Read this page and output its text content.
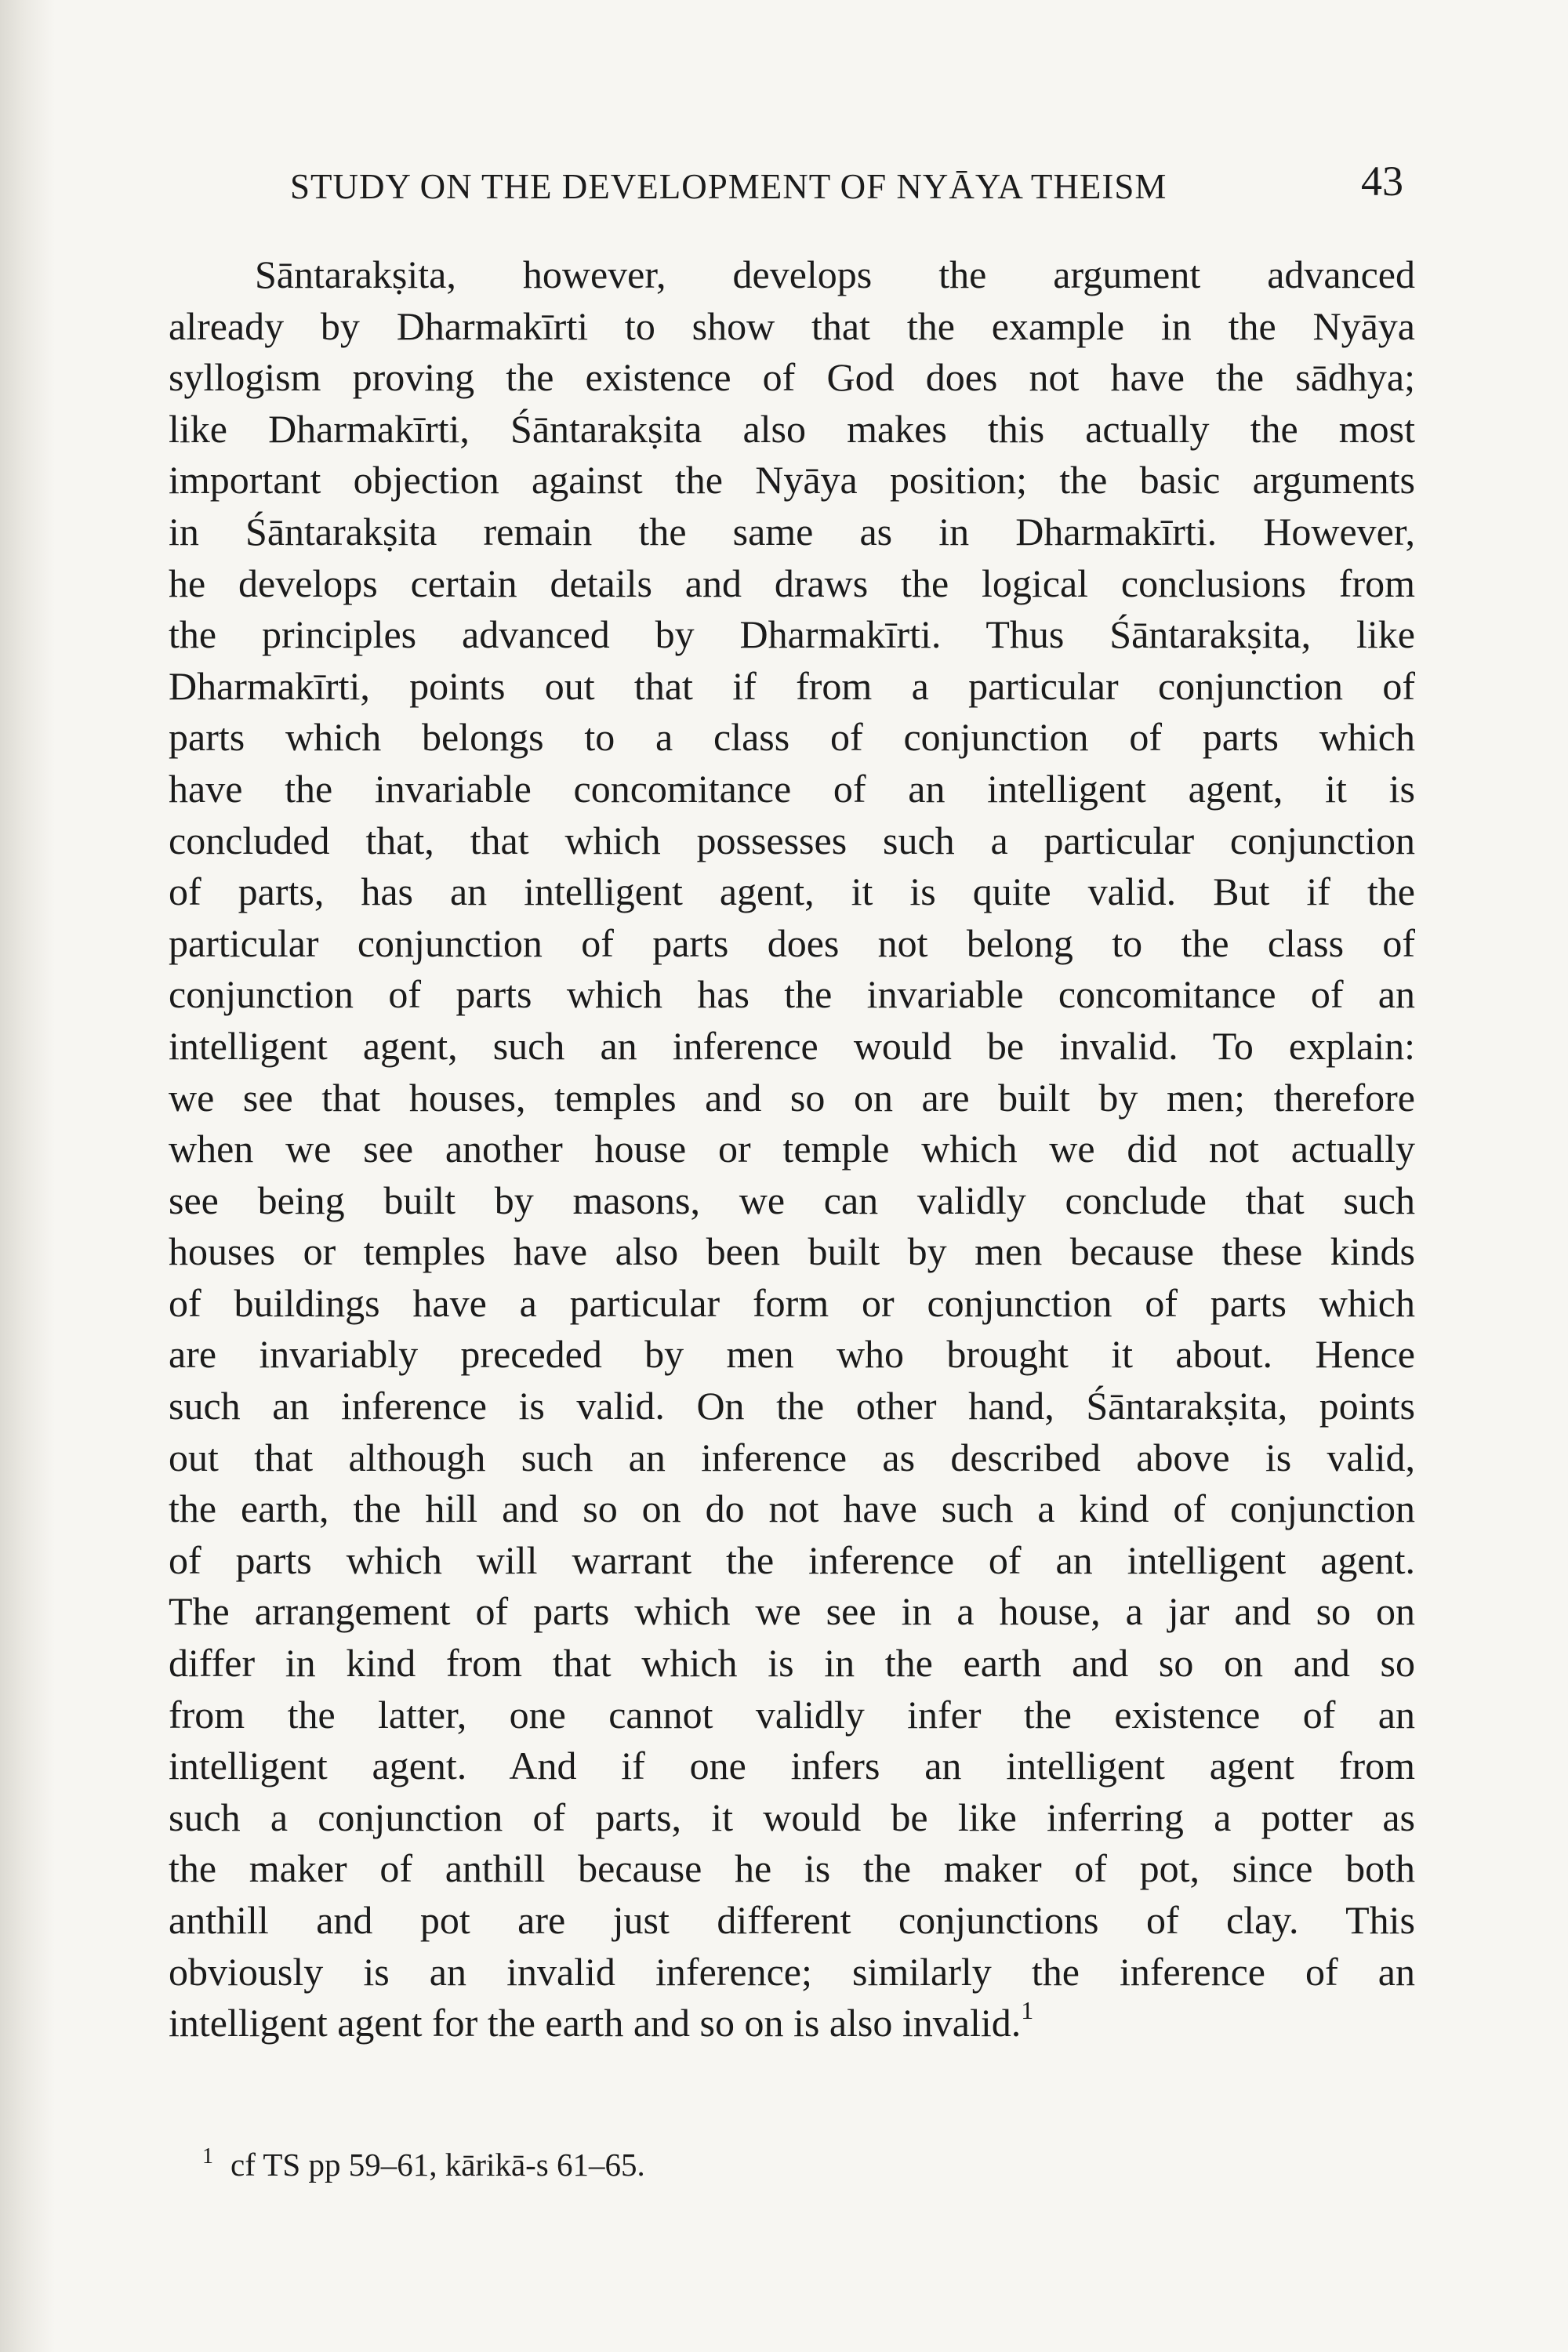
STUDY ON THE DEVELOPMENT OF NYĀYA THEISM	43
Sāntarakṣita, however, develops the argument advanced
already by Dharmakīrti to show that the example in the Nyāya
syllogism proving the existence of God does not have the sādhya;
like Dharmakīrti, Śāntarakṣita also makes this actually the most
important objection against the Nyāya position; the basic arguments
in Śāntarakṣita remain the same as in Dharmakīrti. However,
he develops certain details and draws the logical conclusions from
the principles advanced by Dharmakīrti. Thus Śāntarakṣita, like
Dharmakīrti, points out that if from a particular conjunction of
parts which belongs to a class of conjunction of parts which
have the invariable concomitance of an intelligent agent, it is
concluded that, that which possesses such a particular conjunction
of parts, has an intelligent agent, it is quite valid. But if the
particular conjunction of parts does not belong to the class of
conjunction of parts which has the invariable concomitance of an
intelligent agent, such an inference would be invalid. To explain:
we see that houses, temples and so on are built by men; therefore
when we see another house or temple which we did not actually
see being built by masons, we can validly conclude that such
houses or temples have also been built by men because these kinds
of buildings have a particular form or conjunction of parts which
are invariably preceded by men who brought it about. Hence
such an inference is valid. On the other hand, Śāntarakṣita, points
out that although such an inference as described above is valid,
the earth, the hill and so on do not have such a kind of conjunction
of parts which will warrant the inference of an intelligent agent.
The arrangement of parts which we see in a house, a jar and so on
differ in kind from that which is in the earth and so on and so
from the latter, one cannot validly infer the existence of an
intelligent agent. And if one infers an intelligent agent from
such a conjunction of parts, it would be like inferring a potter as
the maker of anthill because he is the maker of pot, since both
anthill and pot are just different conjunctions of clay. This
obviously is an invalid inference; similarly the inference of an
intelligent agent for the earth and so on is also invalid.$^1$
$^1$ cf TS pp 59–61, kārikā-s 61–65.
